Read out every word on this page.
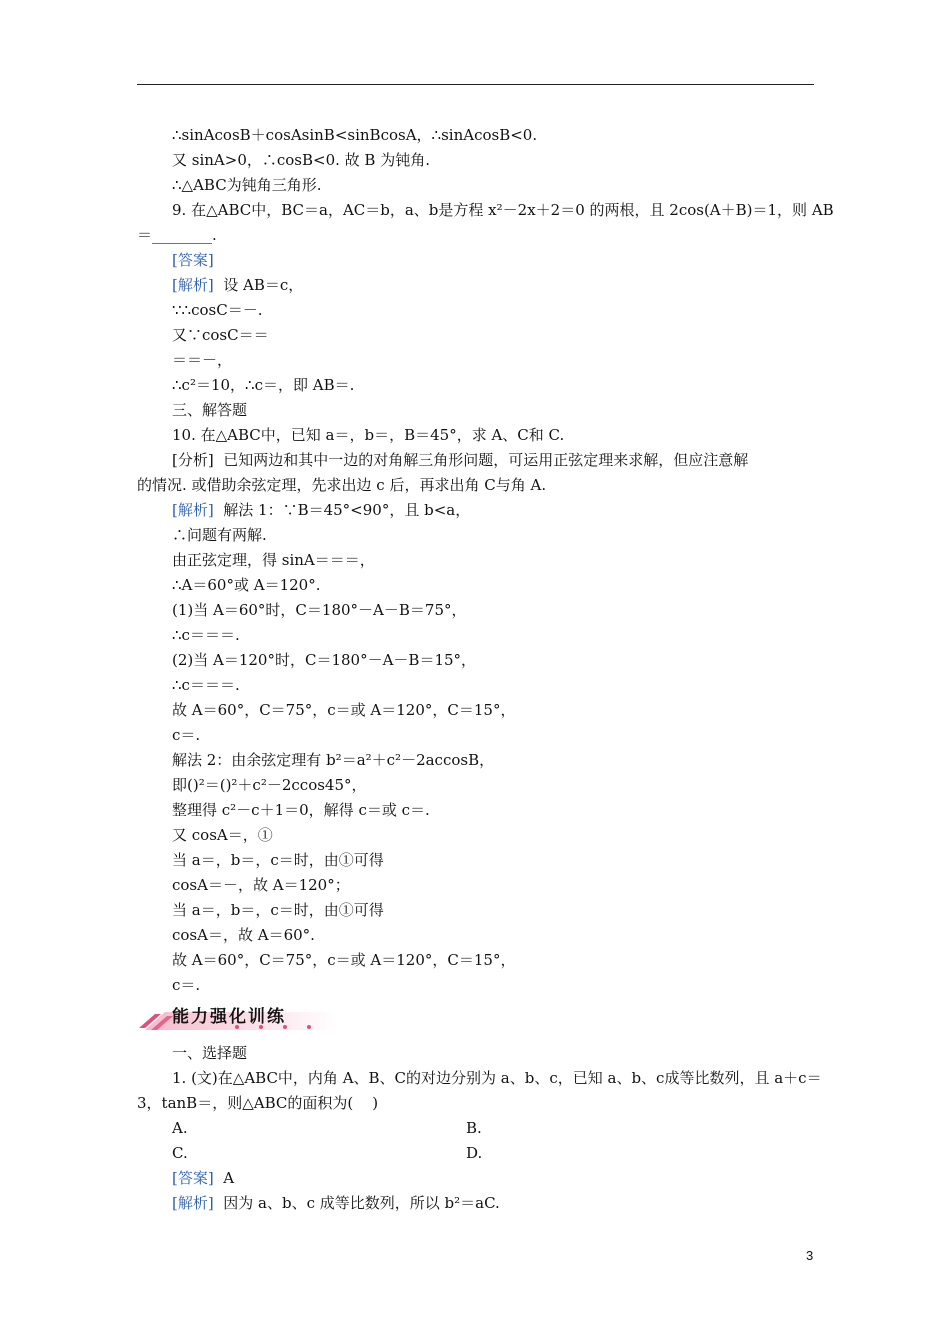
∴sinAcosB＋cosAsinB<sinBcosA，∴sinAcosB<0.
又 sinA>0，∴cosB<0. 故 B 为钝角.
∴△ABC为钝角三角形.
9. 在△ABC中，BC＝a，AC＝b，a、b是方程 x²－2x＋2＝0 的两根，且 2cos(A＋B)＝1，则 AB
＝________.
[答案]
[解析]  设 AB＝c，
∵∴cosC＝－.
又∵cosC＝＝
＝＝－，
∴c²＝10，∴c＝，即 AB＝.
三、解答题
10. 在△ABC中，已知 a＝，b＝，B＝45°，求 A、C和 C.
[分析]  已知两边和其中一边的对角解三角形问题，可运用正弦定理来求解，但应注意解
的情况. 或借助余弦定理，先求出边 c 后，再求出角 C与角 A.
[解析]  解法 1：∵B＝45°<90°，且 b<a，
∴问题有两解.
由正弦定理，得 sinA＝＝＝，
∴A＝60°或 A＝120°.
(1)当 A＝60°时，C＝180°－A－B＝75°，
∴c＝＝＝.
(2)当 A＝120°时，C＝180°－A－B＝15°，
∴c＝＝＝.
故 A＝60°，C＝75°，c＝或 A＝120°，C＝15°，
c＝.
解法 2：由余弦定理有 b²＝a²＋c²－2accosB，
即()²＝()²＋c²－2ccos45°，
整理得 c²－c＋1＝0，解得 c＝或 c＝.
又 cosA＝，①
当 a＝，b＝，c＝时，由①可得
cosA＝－，故 A＝120°；
当 a＝，b＝，c＝时，由①可得
cosA＝，故 A＝60°.
故 A＝60°，C＝75°，c＝或 A＝120°，C＝15°，
c＝.
一、选择题
1. (文)在△ABC中，内角 A、B、C的对边分别为 a、b、c，已知 a、b、c成等比数列，且 a＋c＝
3，tanB＝，则△ABC的面积为(    )
A.	B.
C.	D.
[答案]  A
[解析]  因为 a、b、c 成等比数列，所以 b²＝aC.
能力强化训练
3
